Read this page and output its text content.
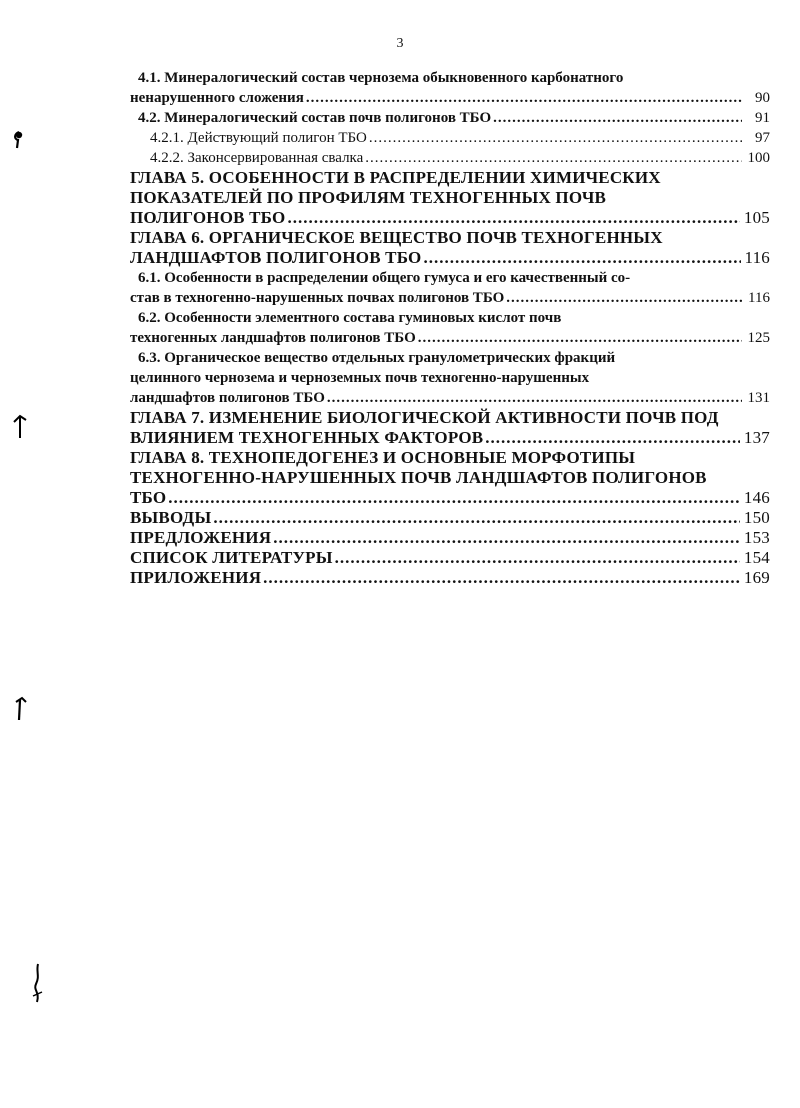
3
4.1. Минералогический состав чернозема обыкновенного карбонатного
ненарушенного сложения .....	90
4.2. Минералогический состав почв полигонов ТБО .....	91
4.2.1. Действующий полигон ТБО .....	97
4.2.2. Законсервированная свалка .....	100
ГЛАВА 5. ОСОБЕННОСТИ В РАСПРЕДЕЛЕНИИ ХИМИЧЕСКИХ
ПОКАЗАТЕЛЕЙ ПО ПРОФИЛЯМ ТЕХНОГЕННЫХ ПОЧВ
ПОЛИГОНОВ ТБО .....	105
ГЛАВА 6. ОРГАНИЧЕСКОЕ ВЕЩЕСТВО ПОЧВ ТЕХНОГЕННЫХ
ЛАНДШАФТОВ ПОЛИГОНОВ ТБО .....	116
6.1. Особенности в распределении общего гумуса и его качественный со-
став в техногенно-нарушенных почвах полигонов ТБО .....	116
6.2. Особенности элементного состава гуминовых кислот почв
техногенных ландшафтов полигонов ТБО .....	125
6.3. Органическое вещество отдельных гранулометрических фракций
целинного чернозема и черноземных почв техногенно-нарушенных
ландшафтов полигонов ТБО .....	131
ГЛАВА 7. ИЗМЕНЕНИЕ БИОЛОГИЧЕСКОЙ АКТИВНОСТИ ПОЧВ ПОД
ВЛИЯНИЕМ ТЕХНОГЕННЫХ ФАКТОРОВ .....	137
ГЛАВА 8. ТЕХНОПЕДОГЕНЕЗ И ОСНОВНЫЕ МОРФОТИПЫ
ТЕХНОГЕННО-НАРУШЕННЫХ ПОЧВ ЛАНДШАФТОВ ПОЛИГОНОВ
ТБО .....	146
ВЫВОДЫ .....	150
ПРЕДЛОЖЕНИЯ .....	153
СПИСОК ЛИТЕРАТУРЫ .....	154
ПРИЛОЖЕНИЯ .....	169
